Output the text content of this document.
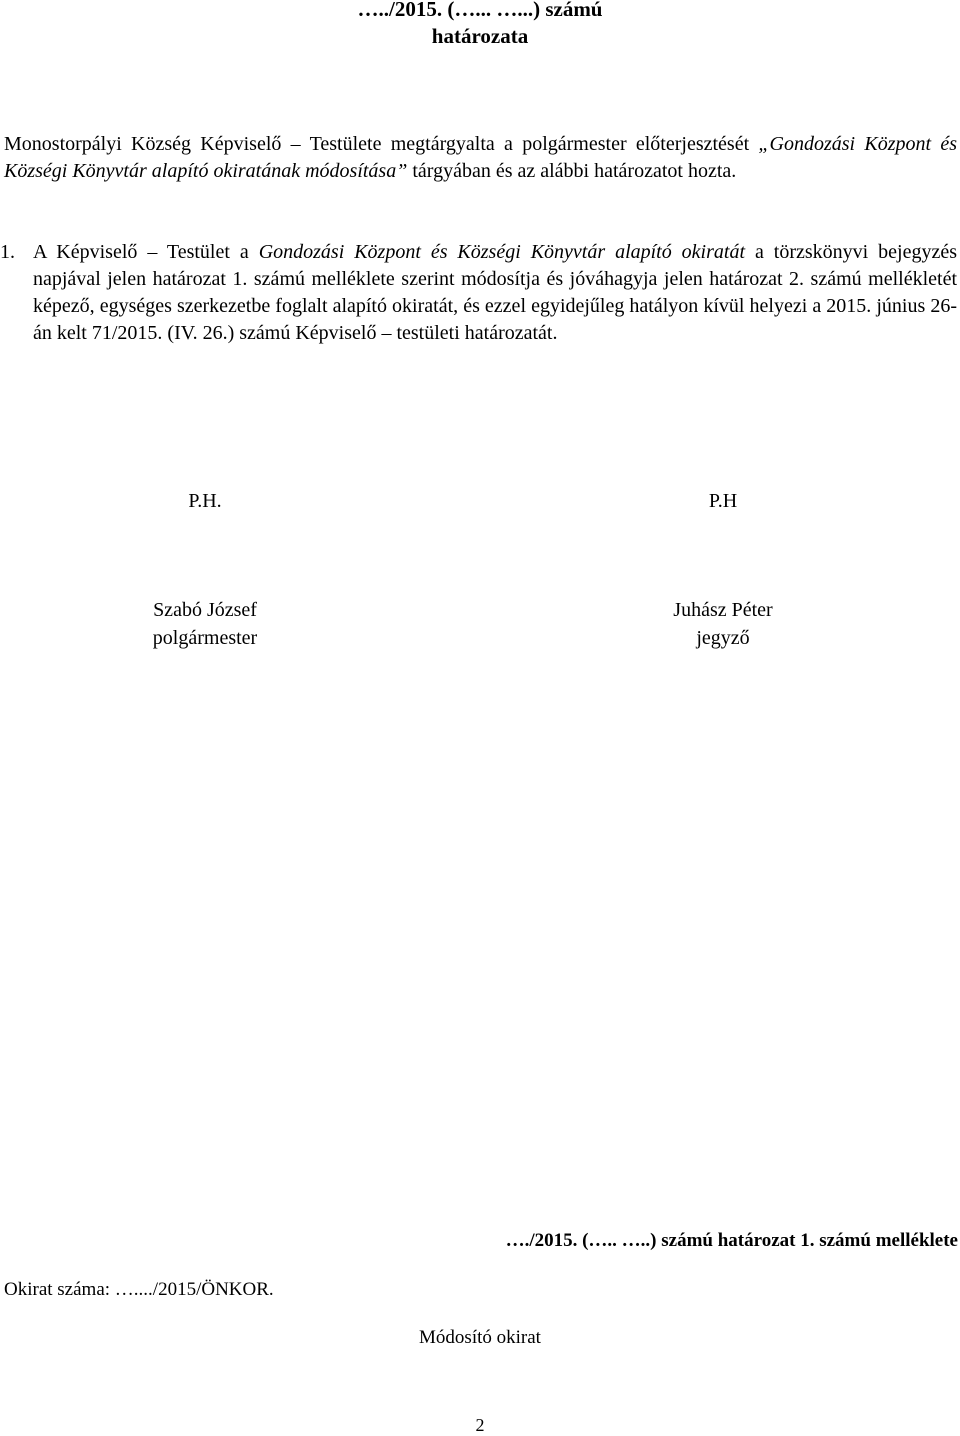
…../2015. (…... …...) számú
határozata
Monostorpályi Község Képviselő – Testülete megtárgyalta a polgármester előterjesztését „Gondozási Központ és Községi Könyvtár alapító okiratának módosítása” tárgyában és az alábbi határozatot hozta.
1. A Képviselő – Testület a Gondozási Központ és Községi Könyvtár alapító okiratát a törzskönyvi bejegyzés napjával jelen határozat 1. számú melléklete szerint módosítja és jóváhagyja jelen határozat 2. számú mellékletét képező, egységes szerkezetbe foglalt alapító okiratát, és ezzel egyidejűleg hatályon kívül helyezi a 2015. június 26-án kelt 71/2015. (IV. 26.) számú Képviselő – testületi határozatát.
P.H.	P.H
Szabó József
polgármester
Juhász Péter
jegyző
…./2015. (….. …..) számú határozat 1. számú melléklete
Okirat száma: …..../2015/ÖNKOR.
Módosító okirat
2
